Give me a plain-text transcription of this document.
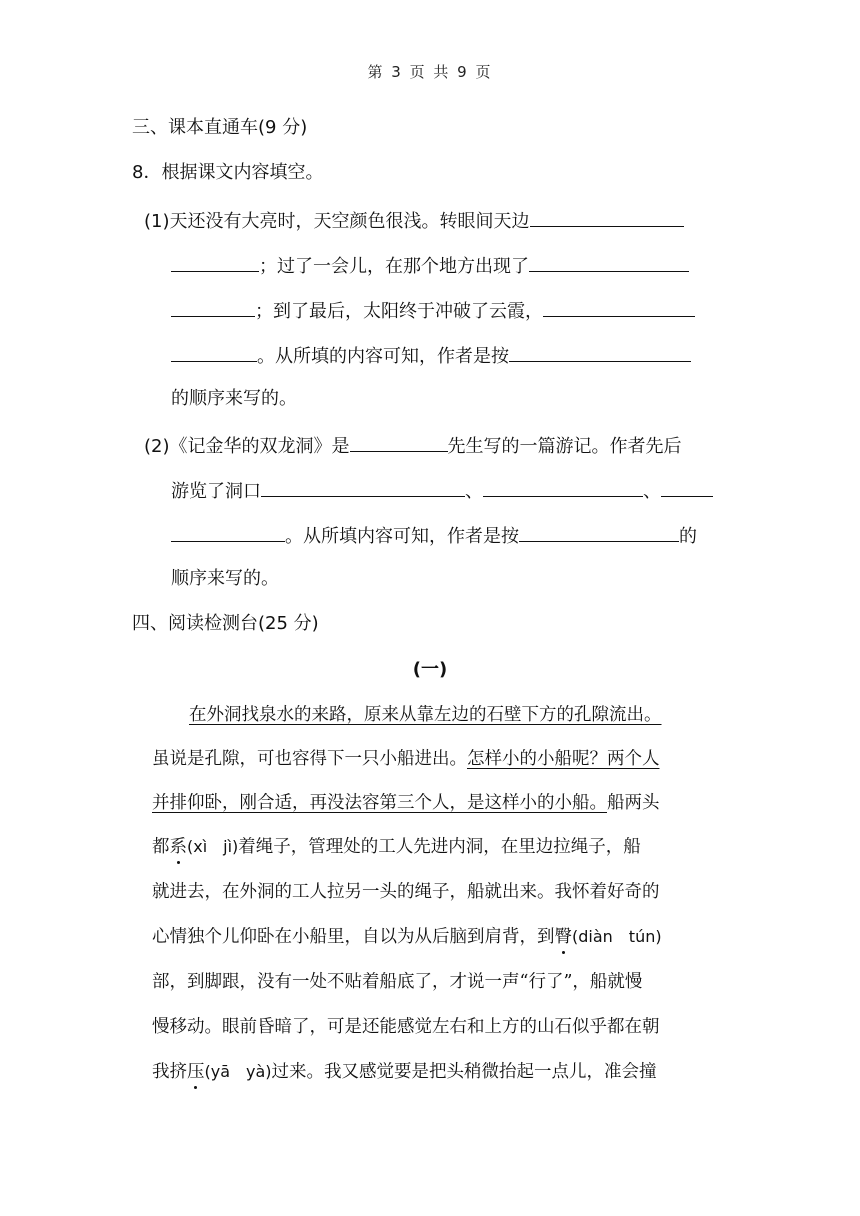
第 3 页 共 9 页
三、课本直通车(9 分)
8．根据课文内容填空。
(1)天还没有大亮时，天空颜色很浅。转眼间天边
；过了一会儿，在那个地方出现了
；到了最后，太阳终于冲破了云霞，
。从所填的内容可知，作者是按
的顺序来写的。
(2)《记金华的双龙洞》是	先生写的一篇游记。作者先后
游览了洞口	、	、
。从所填内容可知，作者是按	的
顺序来写的。
四、阅读检测台(25 分)
(一)
在外洞找泉水的来路，原来从靠左边的石壁下方的孔隙流出。
虽说是孔隙，可也容得下一只小船进出。怎样小的小船呢？两个人
并排仰卧，刚合适，再没法容第三个人，是这样小的小船。船两头
都系(xì　jì)着绳子，管理处的工人先进内洞，在里边拉绳子，船
就进去，在外洞的工人拉另一头的绳子，船就出来。我怀着好奇的
心情独个儿仰卧在小船里，自以为从后脑到肩背，到臀(diàn　tún)
部，到脚跟，没有一处不贴着船底了，才说一声“行了”，船就慢
慢移动。眼前昏暗了，可是还能感觉左右和上方的山石似乎都在朝
我挤压(yā　yà)过来。我又感觉要是把头稍微抬起一点儿，准会撞
